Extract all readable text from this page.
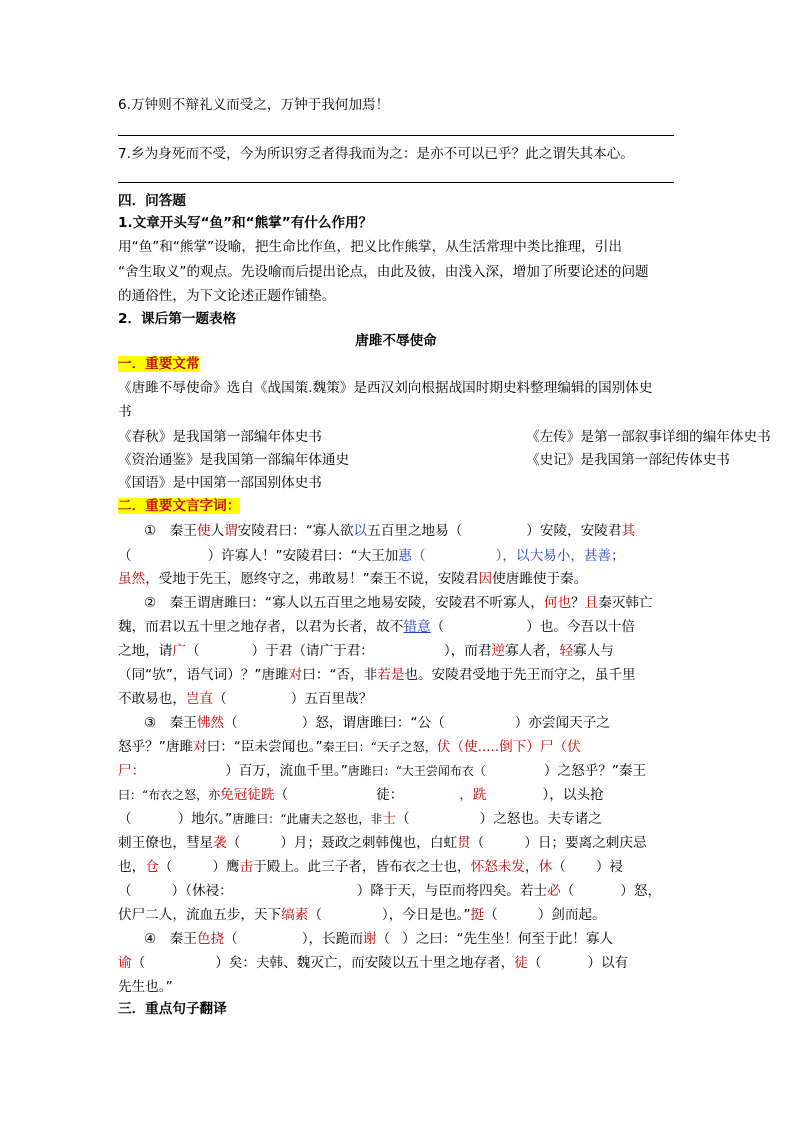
6.万钟则不辩礼义而受之，万钟于我何加焉！
7.乡为身死而不受，今为所识穷乏者得我而为之：是亦不可以已乎？此之谓失其本心。
四．问答题
1.文章开头写“鱼”和“熊掌”有什么作用？
用“鱼”和“熊掌”设喻，把生命比作鱼，把义比作熊掌，从生活常理中类比推理，引出
“舍生取义”的观点。先设喻而后提出论点，由此及彼，由浅入深，增加了所要论述的问题
的通俗性，为下文论述正题作铺垫。
2．课后第一题表格
唐雎不辱使命
一．重要文常
《唐雎不辱使命》选自《战国策.魏策》是西汉刘向根据战国时期史料整理编辑的国别体史
书
《春秋》是我国第一部编年体史书	《左传》是第一部叙事详细的编年体史书
《资治通鉴》是我国第一部编年体通史	《史记》是我国第一部纪传体史书
《国语》是中国第一部国别体史书
二．重要文言字词：
①　秦王使人谓安陵君曰：“寡人欲以五百里之地易（	）安陵，安陵君其
（	）许寡人！”安陵君曰：“大王加惠（	），以大易小，甚善；
虽然，受地于先王，愿终守之，弗敢易！”秦王不说，安陵君因使唐雎使于秦。
②　秦王谓唐雎曰：“寡人以五百里之地易安陵，安陵君不听寡人，何也？且秦灭韩亡
魏，而君以五十里之地存者，以君为长者，故不错意（	）也。今吾以十倍
之地，请广（	）于君（请广于君：	），而君逆寡人者，轻寡人与
（同“欤”，语气词）？”唐雎对曰：“否，非若是也。安陵君受地于先王而守之，虽千里
不敢易也，岂直（	）五百里哉？
③　秦王怫然（	）怒，谓唐雎曰：“公（	）亦尝闻天子之
怒乎？”唐雎对曰：“臣未尝闻也。”秦王曰：“天子之怒，伏（使.....倒下）尸（伏
尸：	）百万，流血千里。”唐雎曰：“大王尝闻布衣（	）之怒乎？”秦王
曰：“布衣之怒，亦免冠徒跣（	徒：	，跣	），以头抢
（	）地尔。”唐雎曰：“此庸夫之怒也，非士（	）之怒也。夫专诸之
刺王僚也，彗星袭（	）月；聂政之刺韩傀也，白虹贯（	）日；要离之刺庆忌
也，仓（	）鹰击于殿上。此三子者，皆布衣之士也，怀怒未发，休（ ）祲
（	）（休祲：	）降于天，与臣而将四矣。若士必（	）怒，
伏尸二人，流血五步，天下缟素（	），今日是也。”挺（	）剑而起。
④　秦王色挠（	），长跪而谢（ ）之曰：“先生坐！何至于此！寡人
谕（	）矣：夫韩、魏灭亡，而安陵以五十里之地存者，徒（	）以有
先生也。”
三．重点句子翻译
